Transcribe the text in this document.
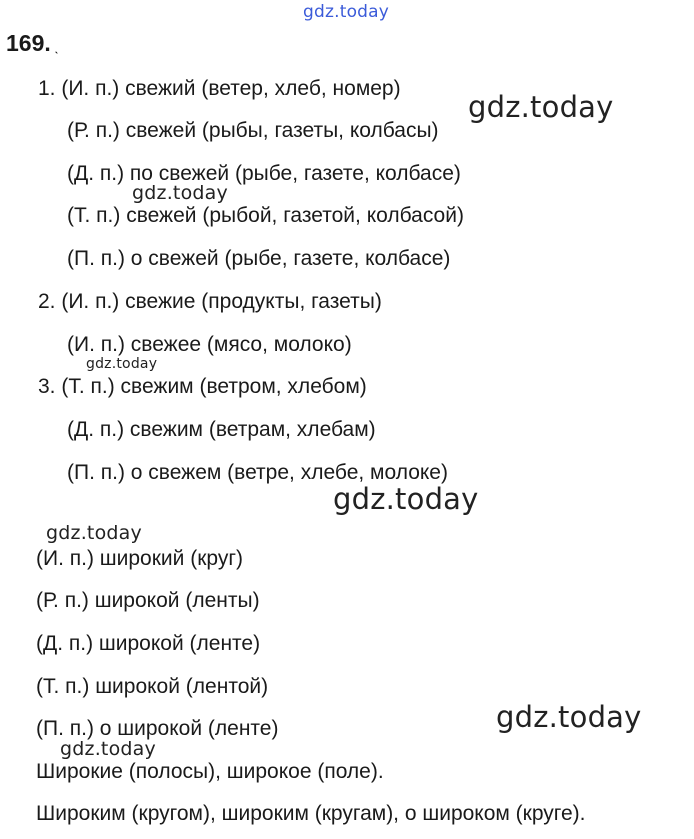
gdz.today
gdz.today
gdz.today
gdz.today
gdz.today
gdz.today
gdz.today
gdz.today
169. ˎ
1. (И. п.) свежий (ветер, хлеб, номер)
(Р. п.) свежей (рыбы, газеты, колбасы)
(Д. п.) по свежей (рыбе, газете, колбасе)
(Т. п.) свежей (рыбой, газетой, колбасой)
(П. п.) о свежей (рыбе, газете, колбасе)
2. (И. п.) свежие (продукты, газеты)
(И. п.) свежее (мясо, молоко)
3. (Т. п.) свежим (ветром, хлебом)
(Д. п.) свежим (ветрам, хлебам)
(П. п.) о свежем (ветре, хлебе, молоке)
(И. п.) широкий (круг)
(Р. п.) широкой (ленты)
(Д. п.) широкой (ленте)
(Т. п.) широкой (лентой)
(П. п.) о широкой (ленте)
Широкие (полосы), широкое (поле).
Широким (кругом), широким (кругам), о широком (круге).
